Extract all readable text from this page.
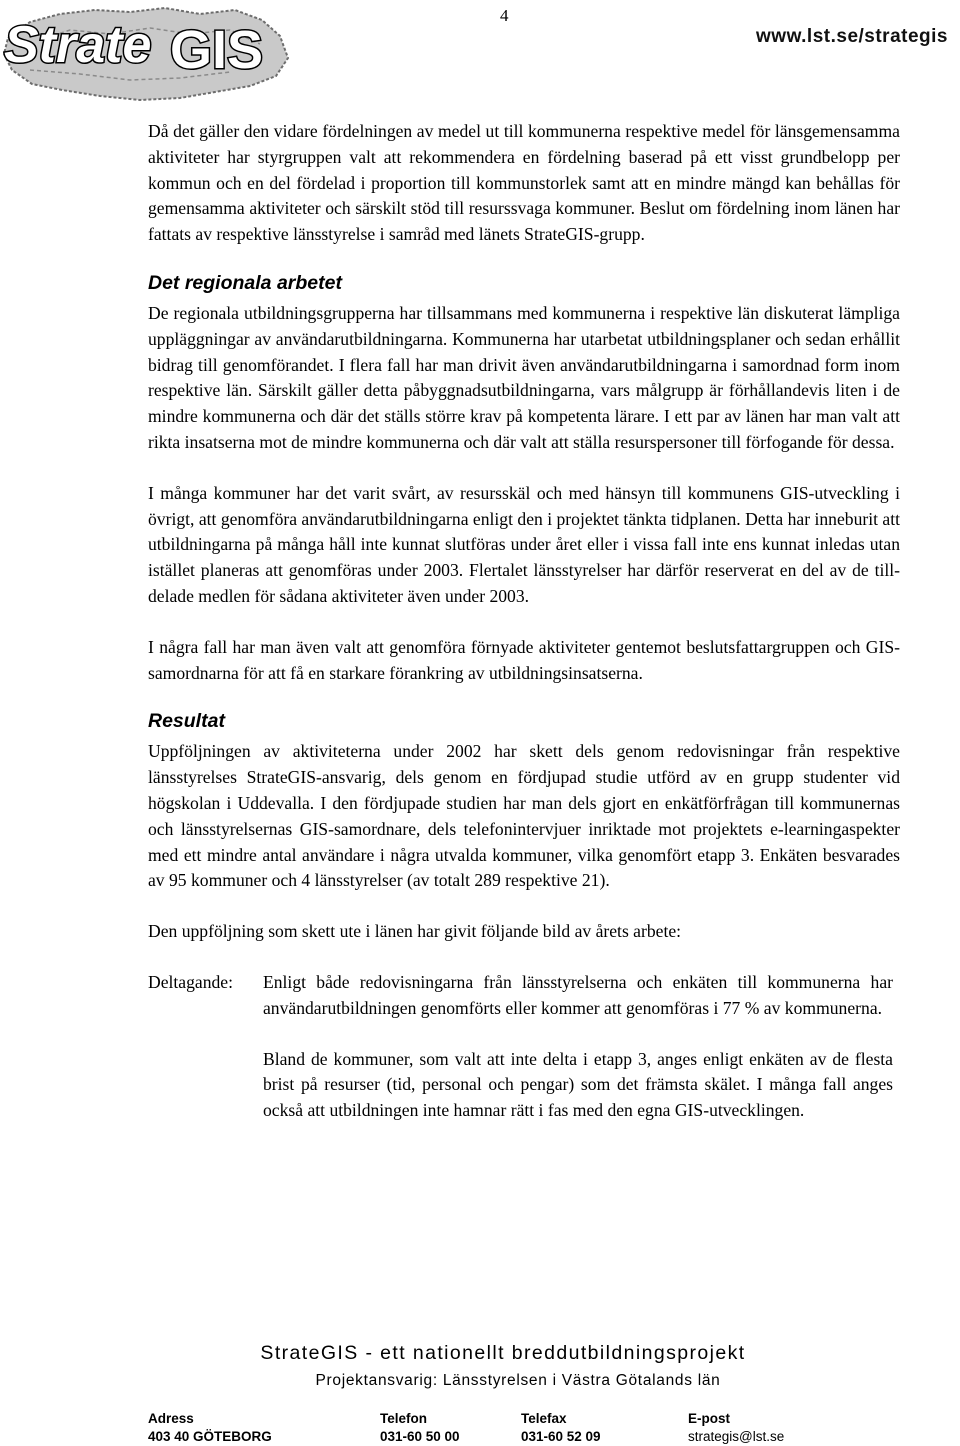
Strate GIS
4
www.lst.se/strategis

Då det gäller den vidare fördelningen av medel ut till kommunerna respektive medel för länsgemensamma aktiviteter har styrgruppen valt att rekommendera en fördelning baserad på ett visst grundbelopp per kommun och en del fördelad i proportion till kommunstorlek samt att en mindre mängd kan behållas för gemensamma aktiviteter och särskilt stöd till resurssvaga kommuner. Beslut om fördelning inom länen har fattats av respektive länsstyrelse i samråd med länets StrateGIS-grupp.

Det regionala arbetet

De regionala utbildningsgrupperna har tillsammans med kommunerna i respektive län diskuterat lämpliga uppläggningar av användarutbildningarna. Kommunerna har utarbetat utbildningsplaner och sedan erhållit bidrag till genomförandet. I flera fall har man drivit även användarutbildningarna i samordnad form inom respektive län. Särskilt gäller detta påbyggnadsutbildningarna, vars målgrupp är förhållandevis liten i de mindre kommunerna och där det ställs större krav på kompetenta lärare. I ett par av länen har man valt att rikta insatserna mot de mindre kommunerna och där valt att ställa resurspersoner till förfogande för dessa.

I många kommuner har det varit svårt, av resursskäl och med hänsyn till kommunens GIS-utveckling i övrigt, att genomföra användarutbildningarna enligt den i projektet tänkta tidplanen. Detta har inneburit att utbildningarna på många håll inte kunnat slutföras under året eller i vissa fall inte ens kunnat inledas utan istället planeras att genomföras under 2003. Flertalet länsstyrelser har därför reserverat en del av de tilldelade medlen för sådana aktiviteter även under 2003.

I några fall har man även valt att genomföra förnyade aktiviteter gentemot beslutsfattargruppen och GIS-samordnarna för att få en starkare förankring av utbildningsinsatserna.

Resultat

Uppföljningen av aktiviteterna under 2002 har skett dels genom redovisningar från respektive länsstyrelses StrateGIS-ansvarig, dels genom en fördjupad studie utförd av en grupp studenter vid högskolan i Uddevalla. I den fördjupade studien har man dels gjort en enkätförfrågan till kommunernas och länsstyrelsernas GIS-samordnare, dels telefonintervjuer inriktade mot projektets e-learningaspekter med ett mindre antal användare i några utvalda kommuner, vilka genomfört etapp 3. Enkäten besvarades av 95 kommuner och 4 länsstyrelser (av totalt 289 respektive 21).

Den uppföljning som skett ute i länen har givit följande bild av årets arbete:

Deltagande:	Enligt både redovisningarna från länsstyrelserna och enkäten till kommunerna har användarutbildningen genomförts eller kommer att genomföras i 77 % av kommunerna.

Bland de kommuner, som valt att inte delta i etapp 3, anges enligt enkäten av de flesta brist på resurser (tid, personal och pengar) som det främsta skälet. I många fall anges också att utbildningen inte hamnar rätt i fas med den egna GIS-utvecklingen.

StrateGIS - ett nationellt breddutbildningsprojekt
Projektansvarig: Länsstyrelsen i Västra Götalands län
Adress
403 40 GÖTEBORG
Telefon
031-60 50 00
Telefax
031-60 52 09
E-post
strategis@lst.se
